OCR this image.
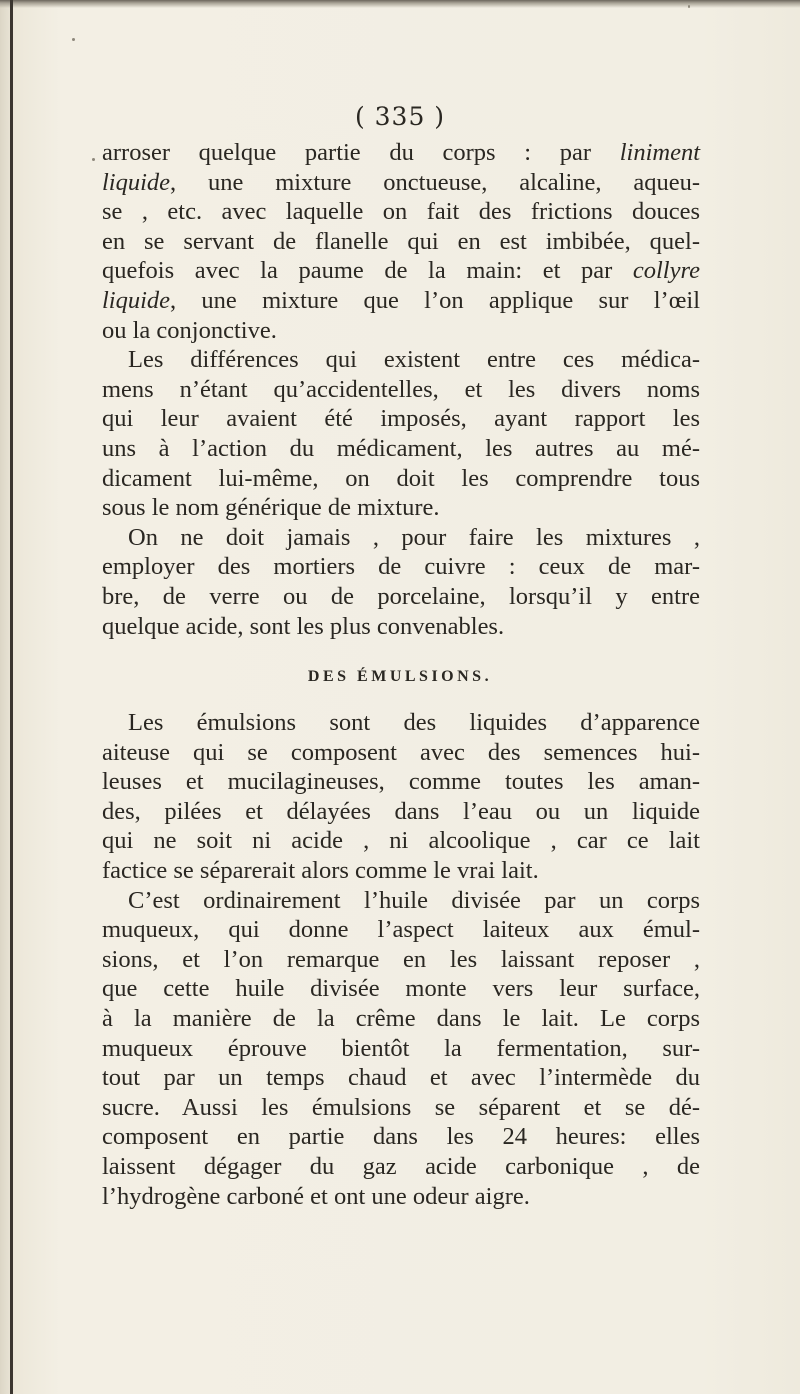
( 335 )
arroser quelque partie du corps : par liniment
liquide, une mixture onctueuse, alcaline, aqueu-
se , etc. avec laquelle on fait des frictions douces
en se servant de flanelle qui en est imbibée, quel-
quefois avec la paume de la main: et par collyre
liquide, une mixture que l’on applique sur l’œil
ou la conjonctive.
Les différences qui existent entre ces médica-
mens n’étant qu’accidentelles, et les divers noms
qui leur avaient été imposés, ayant rapport les
uns à l’action du médicament, les autres au mé-
dicament lui-même, on doit les comprendre tous
sous le nom générique de mixture.
On ne doit jamais , pour faire les mixtures ,
employer des mortiers de cuivre : ceux de mar-
bre, de verre ou de porcelaine, lorsqu’il y entre
quelque acide, sont les plus convenables.
DES ÉMULSIONS.
Les émulsions sont des liquides d’apparence
aiteuse qui se composent avec des semences hui-
leuses et mucilagineuses, comme toutes les aman-
des, pilées et délayées dans l’eau ou un liquide
qui ne soit ni acide , ni alcoolique , car ce lait
factice se séparerait alors comme le vrai lait.
C’est ordinairement l’huile divisée par un corps
muqueux, qui donne l’aspect laiteux aux émul-
sions, et l’on remarque en les laissant reposer ,
que cette huile divisée monte vers leur surface,
à la manière de la crême dans le lait. Le corps
muqueux éprouve bientôt la fermentation, sur-
tout par un temps chaud et avec l’intermède du
sucre. Aussi les émulsions se séparent et se dé-
composent en partie dans les 24 heures: elles
laissent dégager du gaz acide carbonique , de
l’hydrogène carboné et ont une odeur aigre.
